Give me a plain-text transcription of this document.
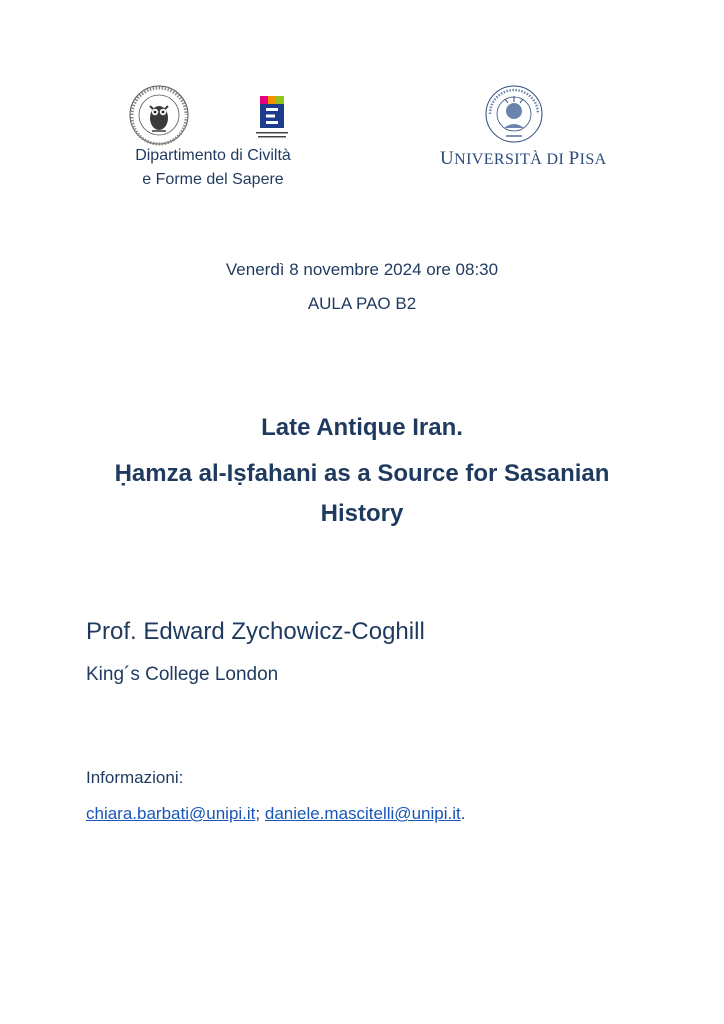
Dipartimento di Civiltà
e Forme del Sapere
UNIVERSITÀ DI PISA
Venerdì 8 novembre 2024 ore 08:30
AULA PAO B2
Late Antique Iran.
Ḥamza al-Iṣfahani as a Source for Sasanian
History
Prof. Edward Zychowicz-Coghill
King´s College London
Informazioni:
chiara.barbati@unipi.it; daniele.mascitelli@unipi.it.
